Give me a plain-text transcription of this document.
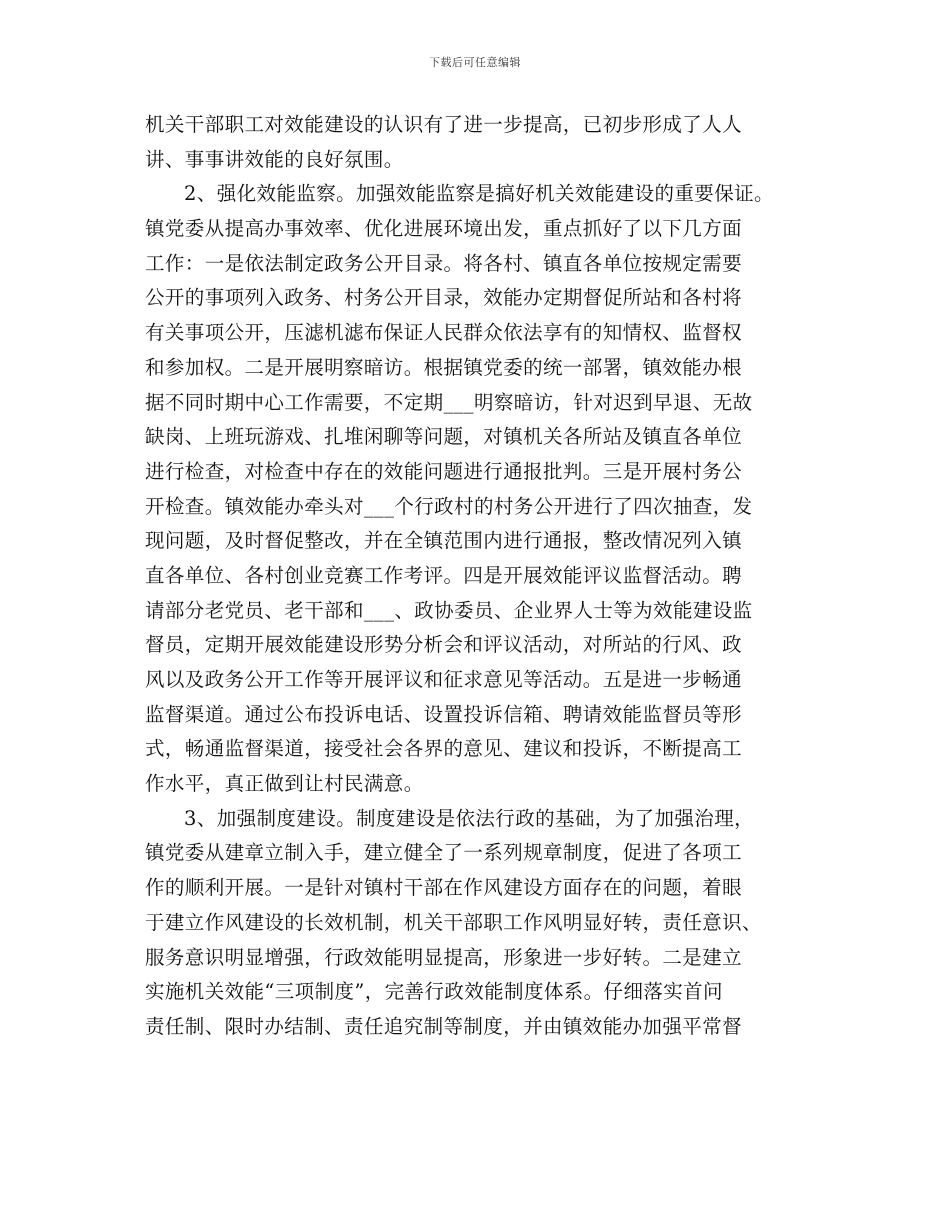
下载后可任意编辑
机关干部职工对效能建设的认识有了进一步提高，已初步形成了人人
讲、事事讲效能的良好氛围。
2、强化效能监察。加强效能监察是搞好机关效能建设的重要保证。
镇党委从提高办事效率、优化进展环境出发，重点抓好了以下几方面
工作：一是依法制定政务公开目录。将各村、镇直各单位按规定需要
公开的事项列入政务、村务公开目录，效能办定期督促所站和各村将
有关事项公开，压滤机滤布保证人民群众依法享有的知情权、监督权
和参加权。二是开展明察暗访。根据镇党委的统一部署，镇效能办根
据不同时期中心工作需要，不定期___明察暗访，针对迟到早退、无故
缺岗、上班玩游戏、扎堆闲聊等问题，对镇机关各所站及镇直各单位
进行检查，对检查中存在的效能问题进行通报批判。三是开展村务公
开检查。镇效能办牵头对___个行政村的村务公开进行了四次抽查，发
现问题，及时督促整改，并在全镇范围内进行通报，整改情况列入镇
直各单位、各村创业竞赛工作考评。四是开展效能评议监督活动。聘
请部分老党员、老干部和___、政协委员、企业界人士等为效能建设监
督员，定期开展效能建设形势分析会和评议活动，对所站的行风、政
风以及政务公开工作等开展评议和征求意见等活动。五是进一步畅通
监督渠道。通过公布投诉电话、设置投诉信箱、聘请效能监督员等形
式，畅通监督渠道，接受社会各界的意见、建议和投诉，不断提高工
作水平，真正做到让村民满意。
3、加强制度建设。制度建设是依法行政的基础，为了加强治理，
镇党委从建章立制入手，建立健全了一系列规章制度，促进了各项工
作的顺利开展。一是针对镇村干部在作风建设方面存在的问题，着眼
于建立作风建设的长效机制，机关干部职工作风明显好转，责任意识、
服务意识明显增强，行政效能明显提高，形象进一步好转。二是建立
实施机关效能“三项制度”，完善行政效能制度体系。仔细落实首问
责任制、限时办结制、责任追究制等制度，并由镇效能办加强平常督
